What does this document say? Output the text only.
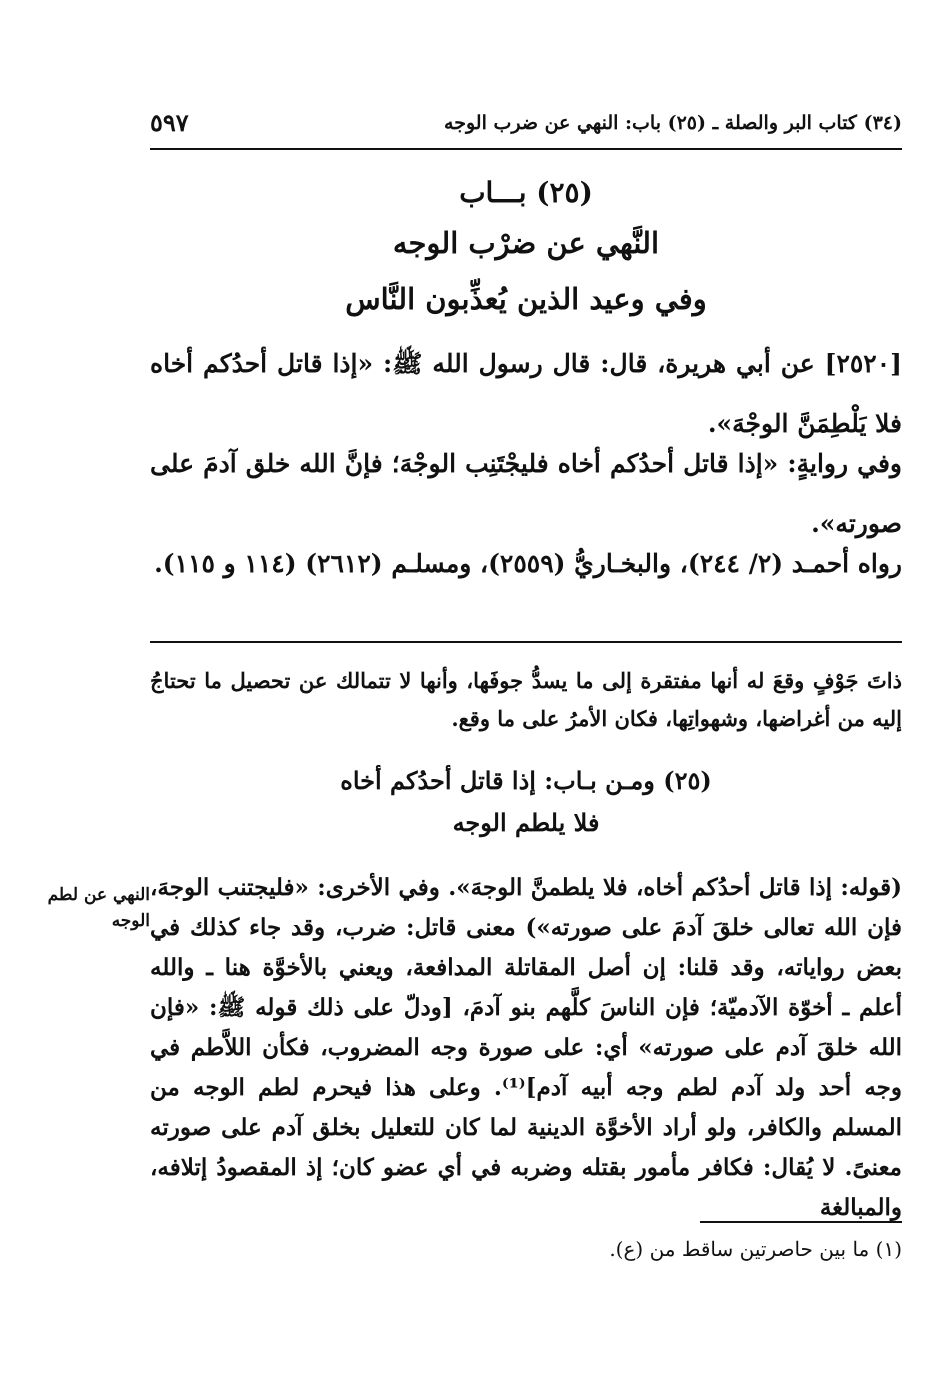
(٣٤) كتاب البر والصلة ـ (٢٥) باب: النهي عن ضرب الوجه
٥٩٧
(٢٥) بـــاب
النَّهي عن ضرْب الوجه
وفي وعيد الذين يُعذِّبون النَّاس
[٢٥٢٠] عن أبي هريرة، قال: قال رسول الله ﷺ: «إذا قاتل أحدُكم أخاه فلا يَلْطِمَنَّ الوجْهَ».
وفي روايةٍ: «إذا قاتل أحدُكم أخاه فليجْتَنِب الوجْهَ؛ فإنَّ الله خلق آدمَ على صورته».
رواه أحمـد (٢/ ٢٤٤)، والبخـاريُّ (٢٥٥٩)، ومسلـم (٢٦١٢) (١١٤ و ١١٥).
ذاتَ جَوْفٍ وقعَ له أنها مفتقرة إلى ما يسدُّ جوفَها، وأنها لا تتمالك عن تحصيل ما تحتاجُ إليه من أغراضها، وشهواتِها، فكان الأمرُ على ما وقع.
(٢٥) ومـن بـاب: إذا قاتل أحدُكم أخاه
فلا يلطم الوجه
(قوله: إذا قاتل أحدُكم أخاه، فلا يلطمنَّ الوجهَ». وفي الأخرى: «فليجتنب الوجهَ، فإن الله تعالى خلقَ آدمَ على صورته») معنى قاتل: ضرب، وقد جاء كذلك في بعض رواياته، وقد قلنا: إن أصل المقاتلة المدافعة، ويعني بالأخوَّة هنا ـ والله أعلم ـ أخوّة الآدميّة؛ فإن الناسَ كلَّهم بنو آدمَ، [ودلّ على ذلك قوله ﷺ: «فإن الله خلقَ آدم على صورته» أي: على صورة وجه المضروب، فكأن اللاَّطم في وجه أحد ولد آدم لطم وجه أبيه آدم]⁽¹⁾. وعلى هذا فيحرم لطم الوجه من المسلم والكافر، ولو أراد الأخوَّة الدينية لما كان للتعليل بخلق آدم على صورته معنىً. لا يُقال: فكافر مأمور بقتله وضربه في أي عضو كان؛ إذ المقصودُ إتلافه، والمبالغة
النهي عن لطم الوجه
(١) ما بين حاصرتين ساقط من (ع).
